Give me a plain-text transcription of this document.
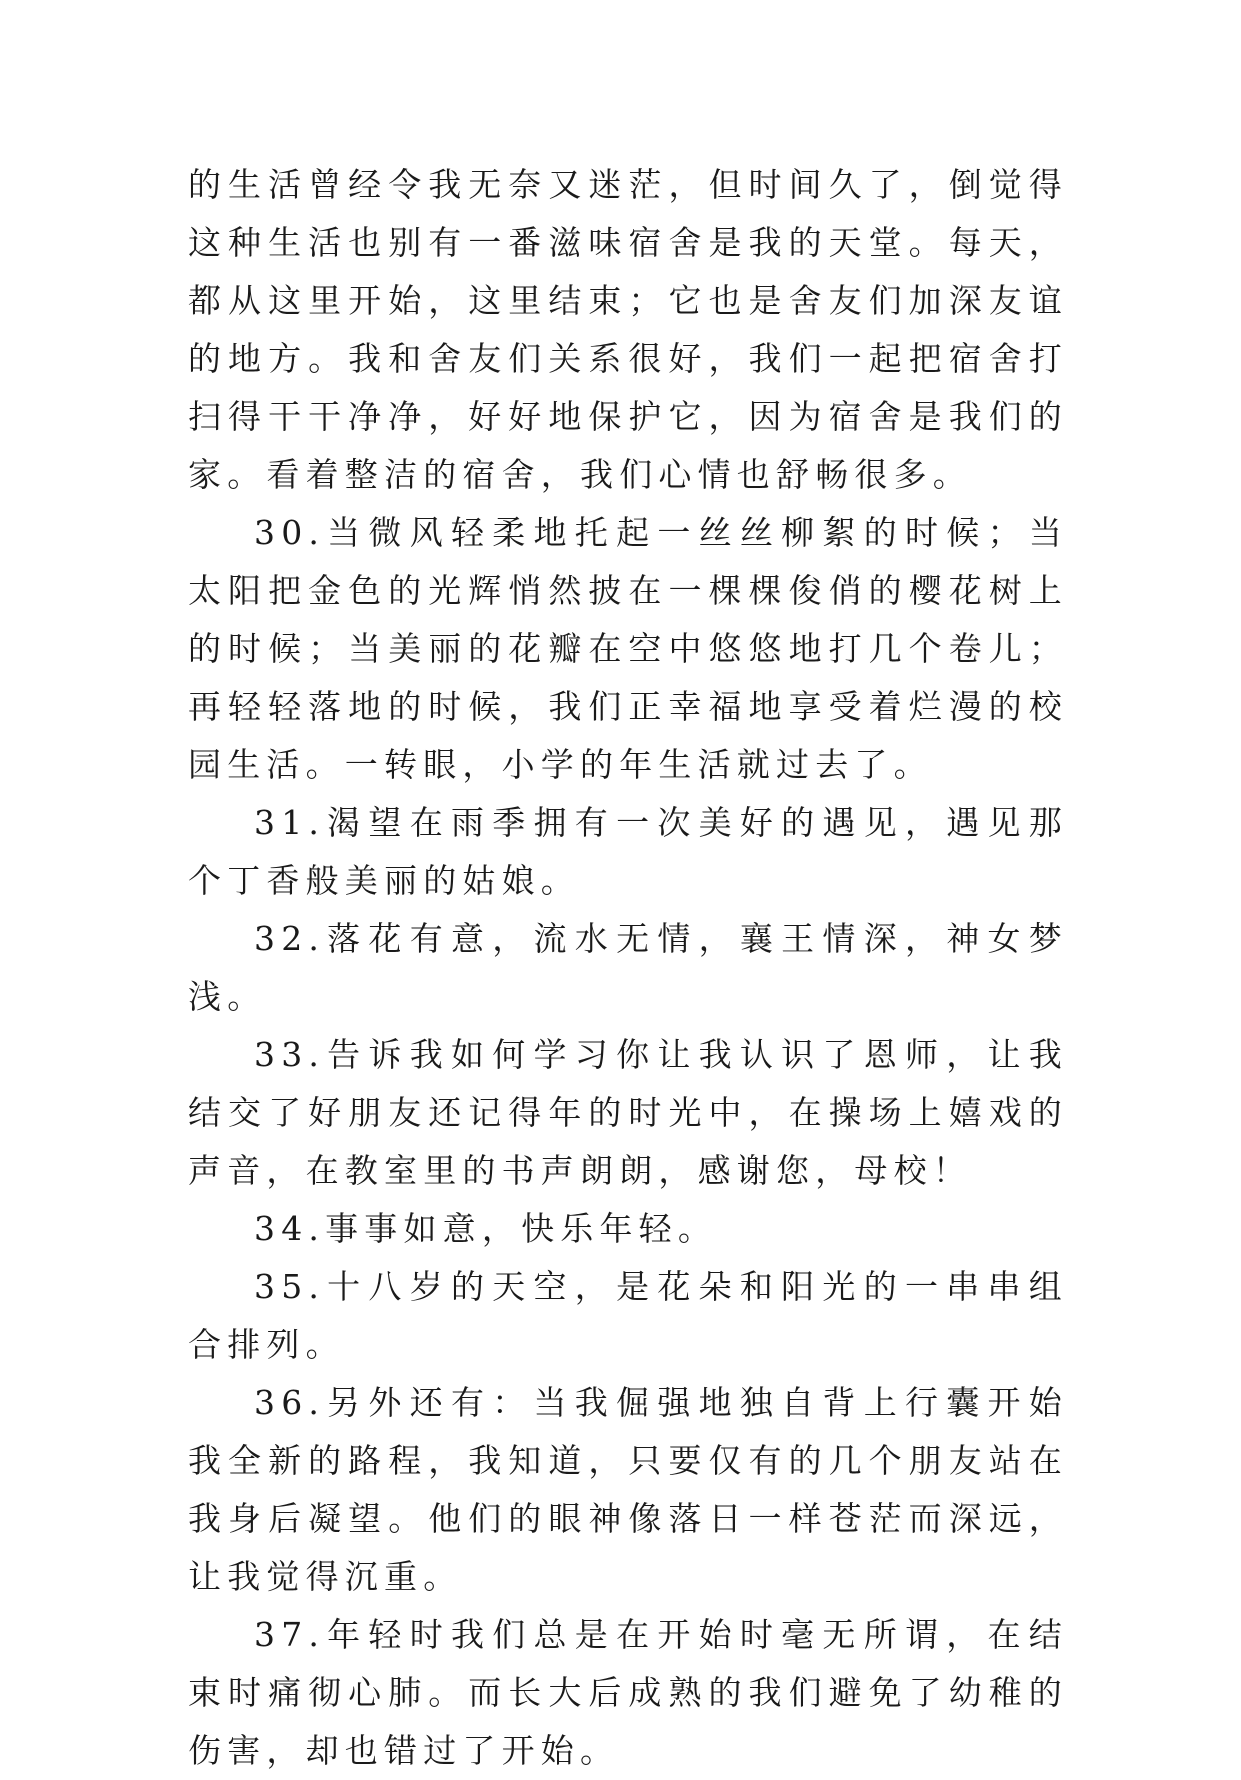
的生活曾经令我无奈又迷茫，但时间久了，倒觉得这种生活也别有一番滋味宿舍是我的天堂。每天，都从这里开始，这里结束；它也是舍友们加深友谊的地方。我和舍友们关系很好，我们一起把宿舍打扫得干干净净，好好地保护它，因为宿舍是我们的家。看着整洁的宿舍，我们心情也舒畅很多。

30.当微风轻柔地托起一丝丝柳絮的时候；当太阳把金色的光辉悄然披在一棵棵俊俏的樱花树上的时候；当美丽的花瓣在空中悠悠地打几个卷儿；再轻轻落地的时候，我们正幸福地享受着烂漫的校园生活。一转眼，小学的年生活就过去了。

31.渴望在雨季拥有一次美好的遇见，遇见那个丁香般美丽的姑娘。

32.落花有意，流水无情，襄王情深，神女梦浅。

33.告诉我如何学习你让我认识了恩师，让我结交了好朋友还记得年的时光中，在操场上嬉戏的声音，在教室里的书声朗朗，感谢您，母校！

34.事事如意，快乐年轻。

35.十八岁的天空，是花朵和阳光的一串串组合排列。

36.另外还有：当我倔强地独自背上行囊开始我全新的路程，我知道，只要仅有的几个朋友站在我身后凝望。他们的眼神像落日一样苍茫而深远，让我觉得沉重。

37.年轻时我们总是在开始时毫无所谓，在结束时痛彻心肺。而长大后成熟的我们避免了幼稚的伤害，却也错过了开始。
